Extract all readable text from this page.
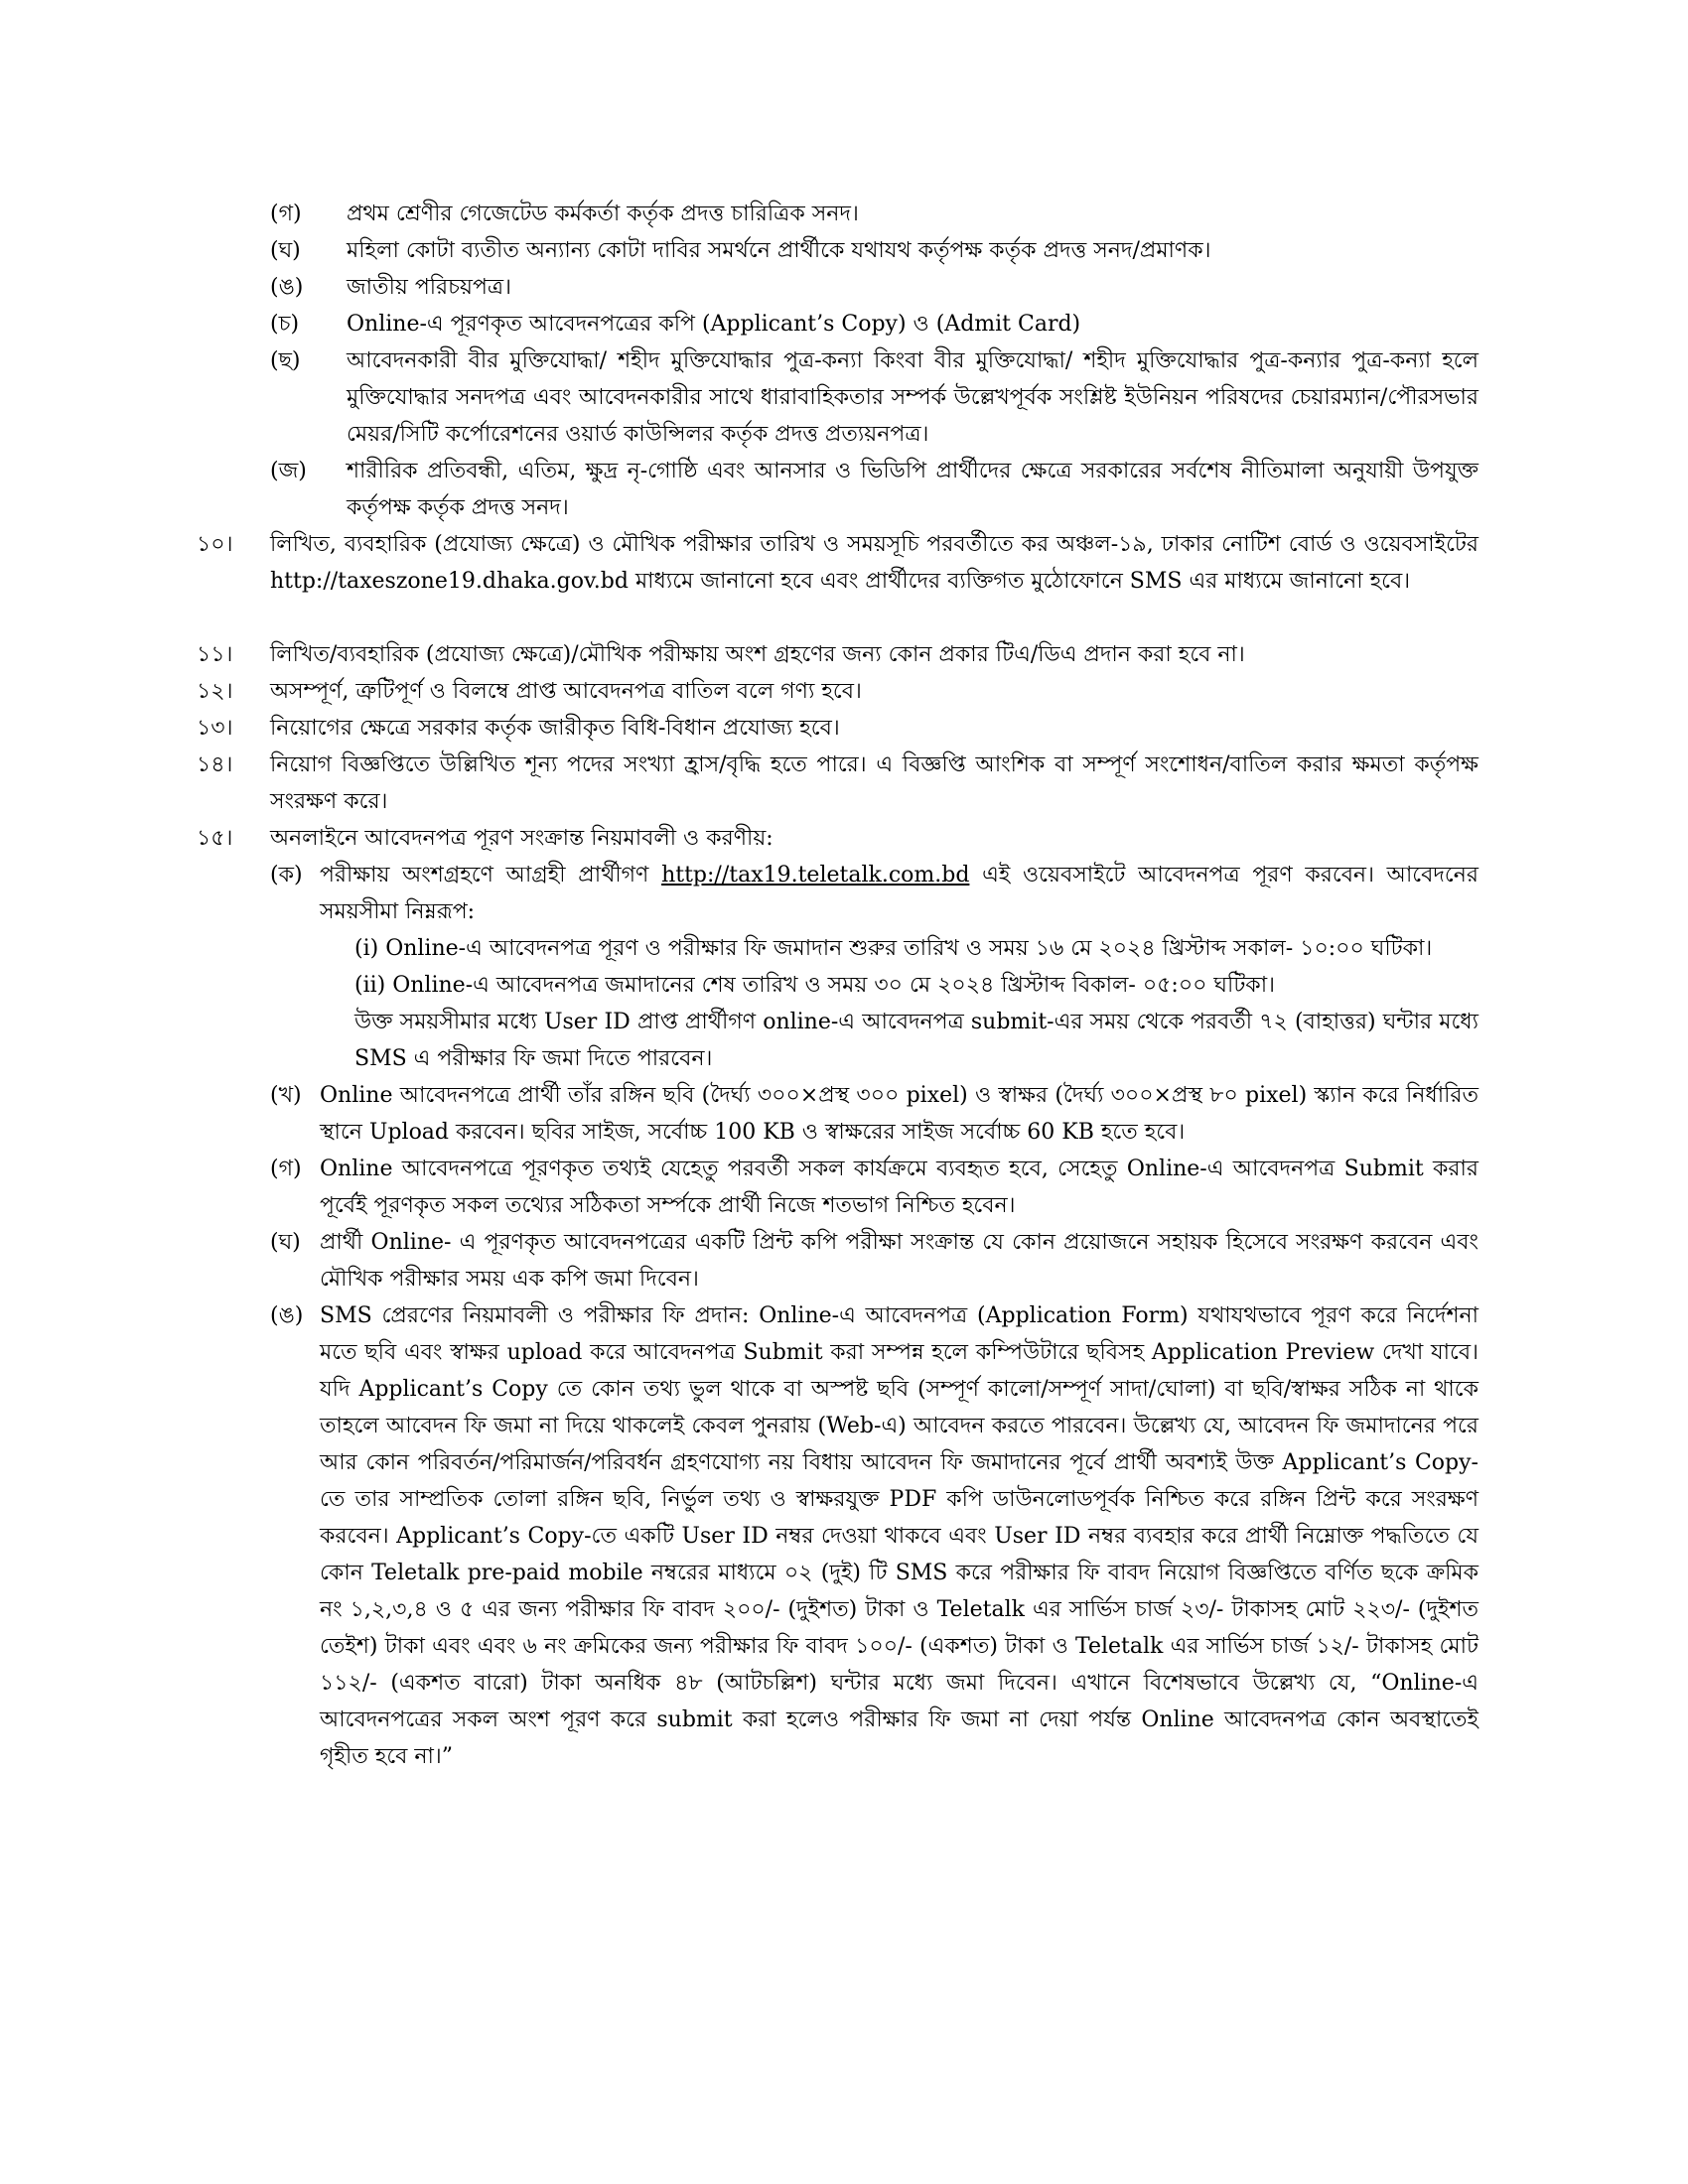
(গ) প্রথম শ্রেণীর গেজেটেড কর্মকর্তা কর্তৃক প্রদত্ত চারিত্রিক সনদ।
(ঘ) মহিলা কোটা ব্যতীত অন্যান্য কোটা দাবির সমর্থনে প্রার্থীকে যথাযথ কর্তৃপক্ষ কর্তৃক প্রদত্ত সনদ/প্রমাণক।
(ঙ) জাতীয় পরিচয়পত্র।
(চ) Online-এ পূরণকৃত আবেদনপত্রের কপি (Applicant’s Copy) ও (Admit Card)
(ছ) আবেদনকারী বীর মুক্তিযোদ্ধা/ শহীদ মুক্তিযোদ্ধার পুত্র-কন্যা কিংবা বীর মুক্তিযোদ্ধা/ শহীদ মুক্তিযোদ্ধার পুত্র-কন্যার পুত্র-কন্যা হলে মুক্তিযোদ্ধার সনদপত্র এবং আবেদনকারীর সাথে ধারাবাহিকতার সম্পর্ক উল্লেখপূর্বক সংশ্লিষ্ট ইউনিয়ন পরিষদের চেয়ারম্যান/পৌরসভার মেয়র/সিটি কর্পোরেশনের ওয়ার্ড কাউন্সিলর কর্তৃক প্রদত্ত প্রত্যয়নপত্র।
(জ) শারীরিক প্রতিবন্ধী, এতিম, ক্ষুদ্র নৃ-গোষ্ঠি এবং আনসার ও ভিডিপি প্রার্থীদের ক্ষেত্রে সরকারের সর্বশেষ নীতিমালা অনুযায়ী উপযুক্ত কর্তৃপক্ষ কর্তৃক প্রদত্ত সনদ।
১০। লিখিত, ব্যবহারিক (প্রযোজ্য ক্ষেত্রে) ও মৌখিক পরীক্ষার তারিখ ও সময়সূচি পরবর্তীতে কর অঞ্চল-১৯, ঢাকার নোটিশ বোর্ড ও ওয়েবসাইটের http://taxeszone19.dhaka.gov.bd মাধ্যমে জানানো হবে এবং প্রার্থীদের ব্যক্তিগত মুঠোফোনে SMS এর মাধ্যমে জানানো হবে।
১১। লিখিত/ব্যবহারিক (প্রযোজ্য ক্ষেত্রে)/মৌখিক পরীক্ষায় অংশ গ্রহণের জন্য কোন প্রকার টিএ/ডিএ প্রদান করা হবে না।
১২। অসম্পূর্ণ, ত্রুটিপূর্ণ ও বিলম্বে প্রাপ্ত আবেদনপত্র বাতিল বলে গণ্য হবে।
১৩। নিয়োগের ক্ষেত্রে সরকার কর্তৃক জারীকৃত বিধি-বিধান প্রযোজ্য হবে।
১৪। নিয়োগ বিজ্ঞপ্তিতে উল্লিখিত শূন্য পদের সংখ্যা হ্রাস/বৃদ্ধি হতে পারে। এ বিজ্ঞপ্তি আংশিক বা সম্পূর্ণ সংশোধন/বাতিল করার ক্ষমতা কর্তৃপক্ষ সংরক্ষণ করে।
১৫। অনলাইনে আবেদনপত্র পূরণ সংক্রান্ত নিয়মাবলী ও করণীয়:
(ক) পরীক্ষায় অংশগ্রহণে আগ্রহী প্রার্থীগণ http://tax19.teletalk.com.bd এই ওয়েবসাইটে আবেদনপত্র পূরণ করবেন। আবেদনের সময়সীমা নিম্নরূপ:
(i) Online-এ আবেদনপত্র পূরণ ও পরীক্ষার ফি জমাদান শুরুর তারিখ ও সময় ১৬ মে ২০২৪ খ্রিস্টাব্দ সকাল- ১০:০০ ঘটিকা।
(ii) Online-এ আবেদনপত্র জমাদানের শেষ তারিখ ও সময় ৩০ মে ২০২৪ খ্রিস্টাব্দ বিকাল- ০৫:০০ ঘটিকা।
উক্ত সময়সীমার মধ্যে User ID প্রাপ্ত প্রার্থীগণ online-এ আবেদনপত্র submit-এর সময় থেকে পরবর্তী ৭২ (বাহাত্তর) ঘন্টার মধ্যে SMS এ পরীক্ষার ফি জমা দিতে পারবেন।
(খ) Online আবেদনপত্রে প্রার্থী তাঁর রঙ্গিন ছবি (দৈর্ঘ্য ৩০০×প্রস্থ ৩০০ pixel) ও স্বাক্ষর (দৈর্ঘ্য ৩০০×প্রস্থ ৮০ pixel) স্ক্যান করে নির্ধারিত স্থানে Upload করবেন। ছবির সাইজ, সর্বোচ্চ 100 KB ও স্বাক্ষরের সাইজ সর্বোচ্চ 60 KB হতে হবে।
(গ) Online আবেদনপত্রে পূরণকৃত তথ্যই যেহেতু পরবর্তী সকল কার্যক্রমে ব্যবহৃত হবে, সেহেতু Online-এ আবেদনপত্র Submit করার পূর্বেই পূরণকৃত সকল তথ্যের সঠিকতা সর্ম্পকে প্রার্থী নিজে শতভাগ নিশ্চিত হবেন।
(ঘ) প্রার্থী Online- এ পূরণকৃত আবেদনপত্রের একটি প্রিন্ট কপি পরীক্ষা সংক্রান্ত যে কোন প্রয়োজনে সহায়ক হিসেবে সংরক্ষণ করবেন এবং মৌখিক পরীক্ষার সময় এক কপি জমা দিবেন।
(ঙ) SMS প্রেরণের নিয়মাবলী ও পরীক্ষার ফি প্রদান: Online-এ আবেদনপত্র (Application Form) যথাযথভাবে পূরণ করে নির্দেশনা মতে ছবি এবং স্বাক্ষর upload করে আবেদনপত্র Submit করা সম্পন্ন হলে কম্পিউটারে ছবিসহ Application Preview দেখা যাবে। যদি Applicant’s Copy তে কোন তথ্য ভুল থাকে বা অস্পষ্ট ছবি (সম্পূর্ণ কালো/সম্পূর্ণ সাদা/ঘোলা) বা ছবি/স্বাক্ষর সঠিক না থাকে তাহলে আবেদন ফি জমা না দিয়ে থাকলেই কেবল পুনরায় (Web-এ) আবেদন করতে পারবেন। উল্লেখ্য যে, আবেদন ফি জমাদানের পরে আর কোন পরিবর্তন/পরিমার্জন/পরিবর্ধন গ্রহণযোগ্য নয় বিধায় আবেদন ফি জমাদানের পূর্বে প্রার্থী অবশ্যই উক্ত Applicant’s Copy-তে তার সাম্প্রতিক তোলা রঙ্গিন ছবি, নির্ভুল তথ্য ও স্বাক্ষরযুক্ত PDF কপি ডাউনলোডপূর্বক নিশ্চিত করে রঙ্গিন প্রিন্ট করে সংরক্ষণ করবেন। Applicant’s Copy-তে একটি User ID নম্বর দেওয়া থাকবে এবং User ID নম্বর ব্যবহার করে প্রার্থী নিম্নোক্ত পদ্ধতিতে যে কোন Teletalk pre-paid mobile নম্বরের মাধ্যমে ০২ (দুই) টি SMS করে পরীক্ষার ফি বাবদ নিয়োগ বিজ্ঞপ্তিতে বর্ণিত ছকে ক্রমিক নং ১,২,৩,৪ ও ৫ এর জন্য পরীক্ষার ফি বাবদ ২০০/- (দুইশত) টাকা ও Teletalk এর সার্ভিস চার্জ ২৩/- টাকাসহ মোট ২২৩/- (দুইশত তেইশ) টাকা এবং এবং ৬ নং ক্রমিকের জন্য পরীক্ষার ফি বাবদ ১০০/- (একশত) টাকা ও Teletalk এর সার্ভিস চার্জ ১২/- টাকাসহ মোট ১১২/- (একশত বারো) টাকা অনধিক ৪৮ (আটচল্লিশ) ঘন্টার মধ্যে জমা দিবেন। এখানে বিশেষভাবে উল্লেখ্য যে, “Online-এ আবেদনপত্রের সকল অংশ পূরণ করে submit করা হলেও পরীক্ষার ফি জমা না দেয়া পর্যন্ত Online আবেদনপত্র কোন অবস্থাতেই গৃহীত হবে না।”
